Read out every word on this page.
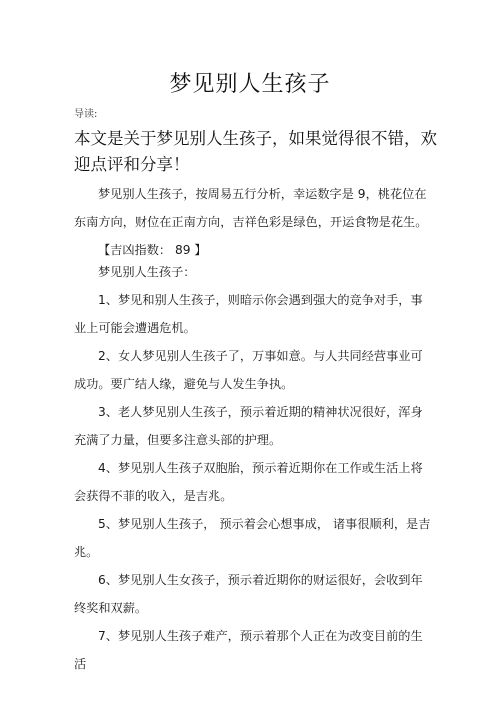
梦见别人生孩子
导读:
本文是关于梦见别人生孩子，如果觉得很不错，欢迎点评和分享！

梦见别人生孩子，按周易五行分析，幸运数字是 9，桃花位在东南方向，财位在正南方向，吉祥色彩是绿色，开运食物是花生。

【吉凶指数： 89 】

梦见别人生孩子：

1、梦见和别人生孩子，则暗示你会遇到强大的竞争对手，事业上可能会遭遇危机。

2、女人梦见别人生孩子了，万事如意。与人共同经营事业可成功。要广结人缘，避免与人发生争执。

3、老人梦见别人生孩子，预示着近期的精神状况很好，浑身充满了力量，但要多注意头部的护理。

4、梦见别人生孩子双胞胎，预示着近期你在工作或生活上将会获得不菲的收入，是吉兆。

5、梦见别人生孩子， 预示着会心想事成， 诸事很顺利，是吉兆。

6、梦见别人生女孩子，预示着近期你的财运很好，会收到年终奖和双薪。

7、梦见别人生孩子难产，预示着那个人正在为改变目前的生活
